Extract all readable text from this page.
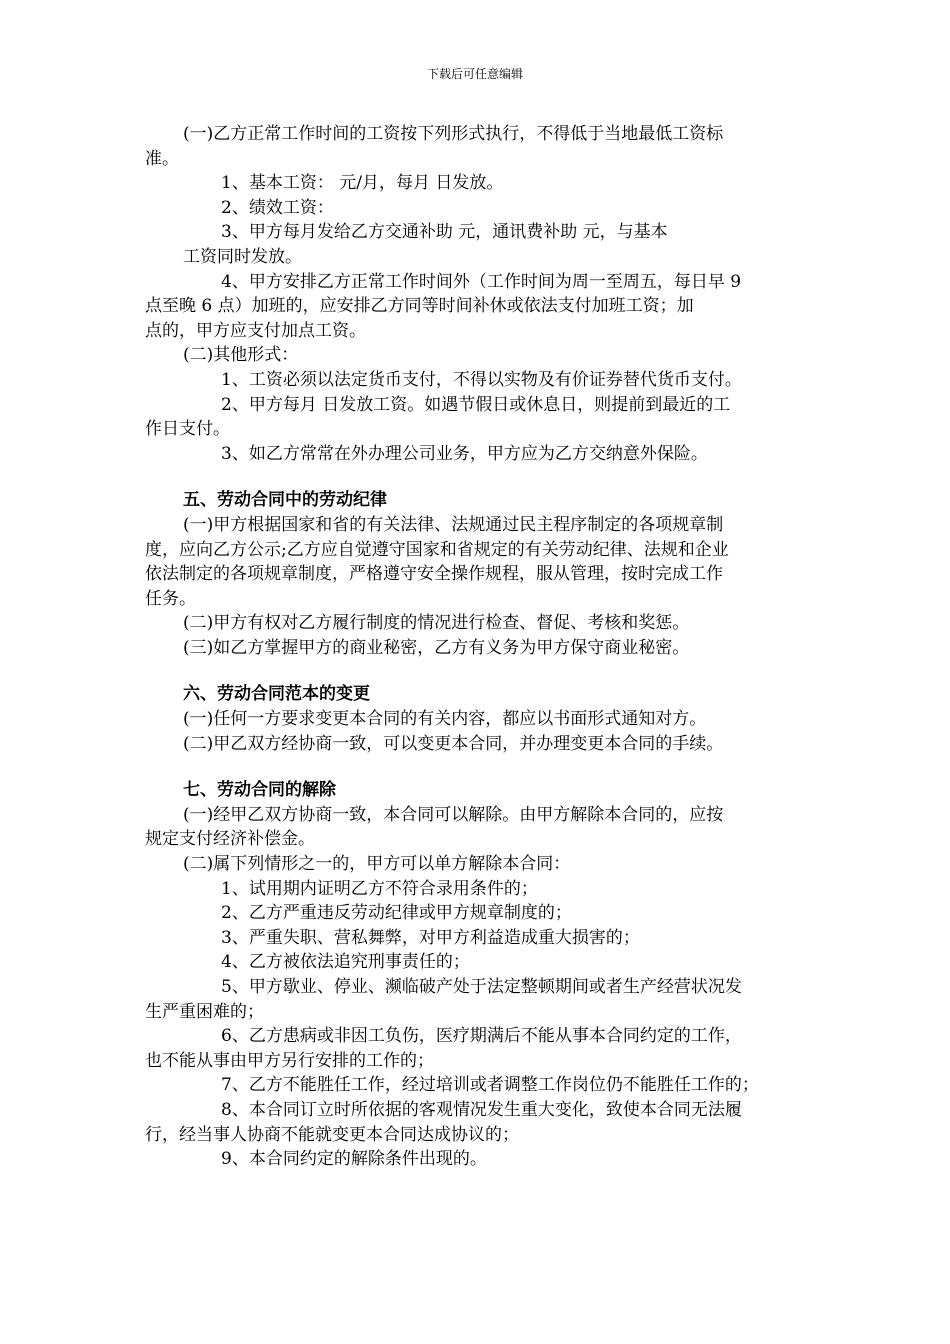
下载后可任意编辑

(一)乙方正常工作时间的工资按下列形式执行，不得低于当地最低工资标

准。

1、基本工资： 元/月，每月 日发放。

2、绩效工资：

3、甲方每月发给乙方交通补助 元，通讯费补助 元，与基本

工资同时发放。

4、甲方安排乙方正常工作时间外（工作时间为周一至周五，每日早 9

点至晚 6 点）加班的，应安排乙方同等时间补休或依法支付加班工资；加

点的，甲方应支付加点工资。

(二)其他形式：

1、工资必须以法定货币支付，不得以实物及有价证券替代货币支付。

2、甲方每月 日发放工资。如遇节假日或休息日，则提前到最近的工

作日支付。

3、如乙方常常在外办理公司业务，甲方应为乙方交纳意外保险。

五、劳动合同中的劳动纪律

(一)甲方根据国家和省的有关法律、法规通过民主程序制定的各项规章制

度，应向乙方公示;乙方应自觉遵守国家和省规定的有关劳动纪律、法规和企业

依法制定的各项规章制度，严格遵守安全操作规程，服从管理，按时完成工作

任务。

(二)甲方有权对乙方履行制度的情况进行检查、督促、考核和奖惩。

(三)如乙方掌握甲方的商业秘密，乙方有义务为甲方保守商业秘密。

六、劳动合同范本的变更

(一)任何一方要求变更本合同的有关内容，都应以书面形式通知对方。

(二)甲乙双方经协商一致，可以变更本合同，并办理变更本合同的手续。

七、劳动合同的解除

(一)经甲乙双方协商一致，本合同可以解除。由甲方解除本合同的，应按

规定支付经济补偿金。

(二)属下列情形之一的，甲方可以单方解除本合同：

1、试用期内证明乙方不符合录用条件的；

2、乙方严重违反劳动纪律或甲方规章制度的；

3、严重失职、营私舞弊，对甲方利益造成重大损害的；

4、乙方被依法追究刑事责任的；

5、甲方歇业、停业、濒临破产处于法定整顿期间或者生产经营状况发

生严重困难的；

6、乙方患病或非因工负伤，医疗期满后不能从事本合同约定的工作，

也不能从事由甲方另行安排的工作的；

7、乙方不能胜任工作，经过培训或者调整工作岗位仍不能胜任工作的；

8、本合同订立时所依据的客观情况发生重大变化，致使本合同无法履

行，经当事人协商不能就变更本合同达成协议的；

9、本合同约定的解除条件出现的。
